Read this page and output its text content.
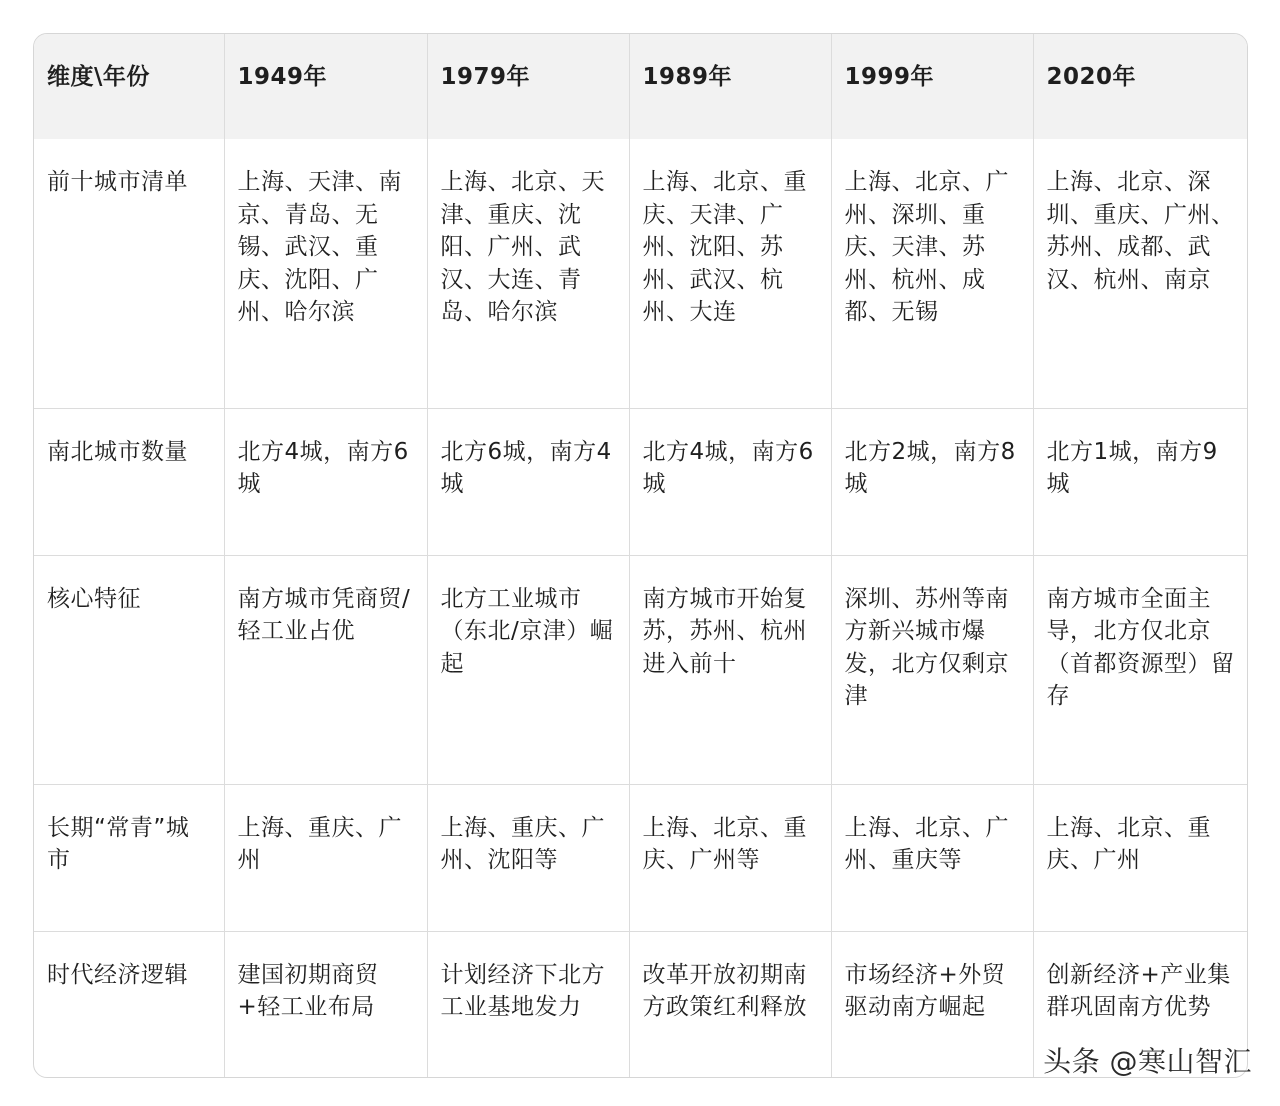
维度\年份	1949年	1979年	1989年	1999年	2020年
前十城市清单	上海、天津、南京、青岛、无锡、武汉、重庆、沈阳、广州、哈尔滨	上海、北京、天津、重庆、沈阳、广州、武汉、大连、青岛、哈尔滨	上海、北京、重庆、天津、广州、沈阳、苏州、武汉、杭州、大连	上海、北京、广州、深圳、重庆、天津、苏州、杭州、成都、无锡	上海、北京、深圳、重庆、广州、苏州、成都、武汉、杭州、南京
南北城市数量	北方4城，南方6城	北方6城，南方4城	北方4城，南方6城	北方2城，南方8城	北方1城，南方9城
核心特征	南方城市凭商贸/轻工业占优	北方工业城市（东北/京津）崛起	南方城市开始复苏，苏州、杭州进入前十	深圳、苏州等南方新兴城市爆发，北方仅剩京津	南方城市全面主导，北方仅北京（首都资源型）留存
长期“常青”城市	上海、重庆、广州	上海、重庆、广州、沈阳等	上海、北京、重庆、广州等	上海、北京、广州、重庆等	上海、北京、重庆、广州
时代经济逻辑	建国初期商贸+轻工业布局	计划经济下北方工业基地发力	改革开放初期南方政策红利释放	市场经济+外贸驱动南方崛起	创新经济+产业集群巩固南方优势
头条 @寒山智汇
